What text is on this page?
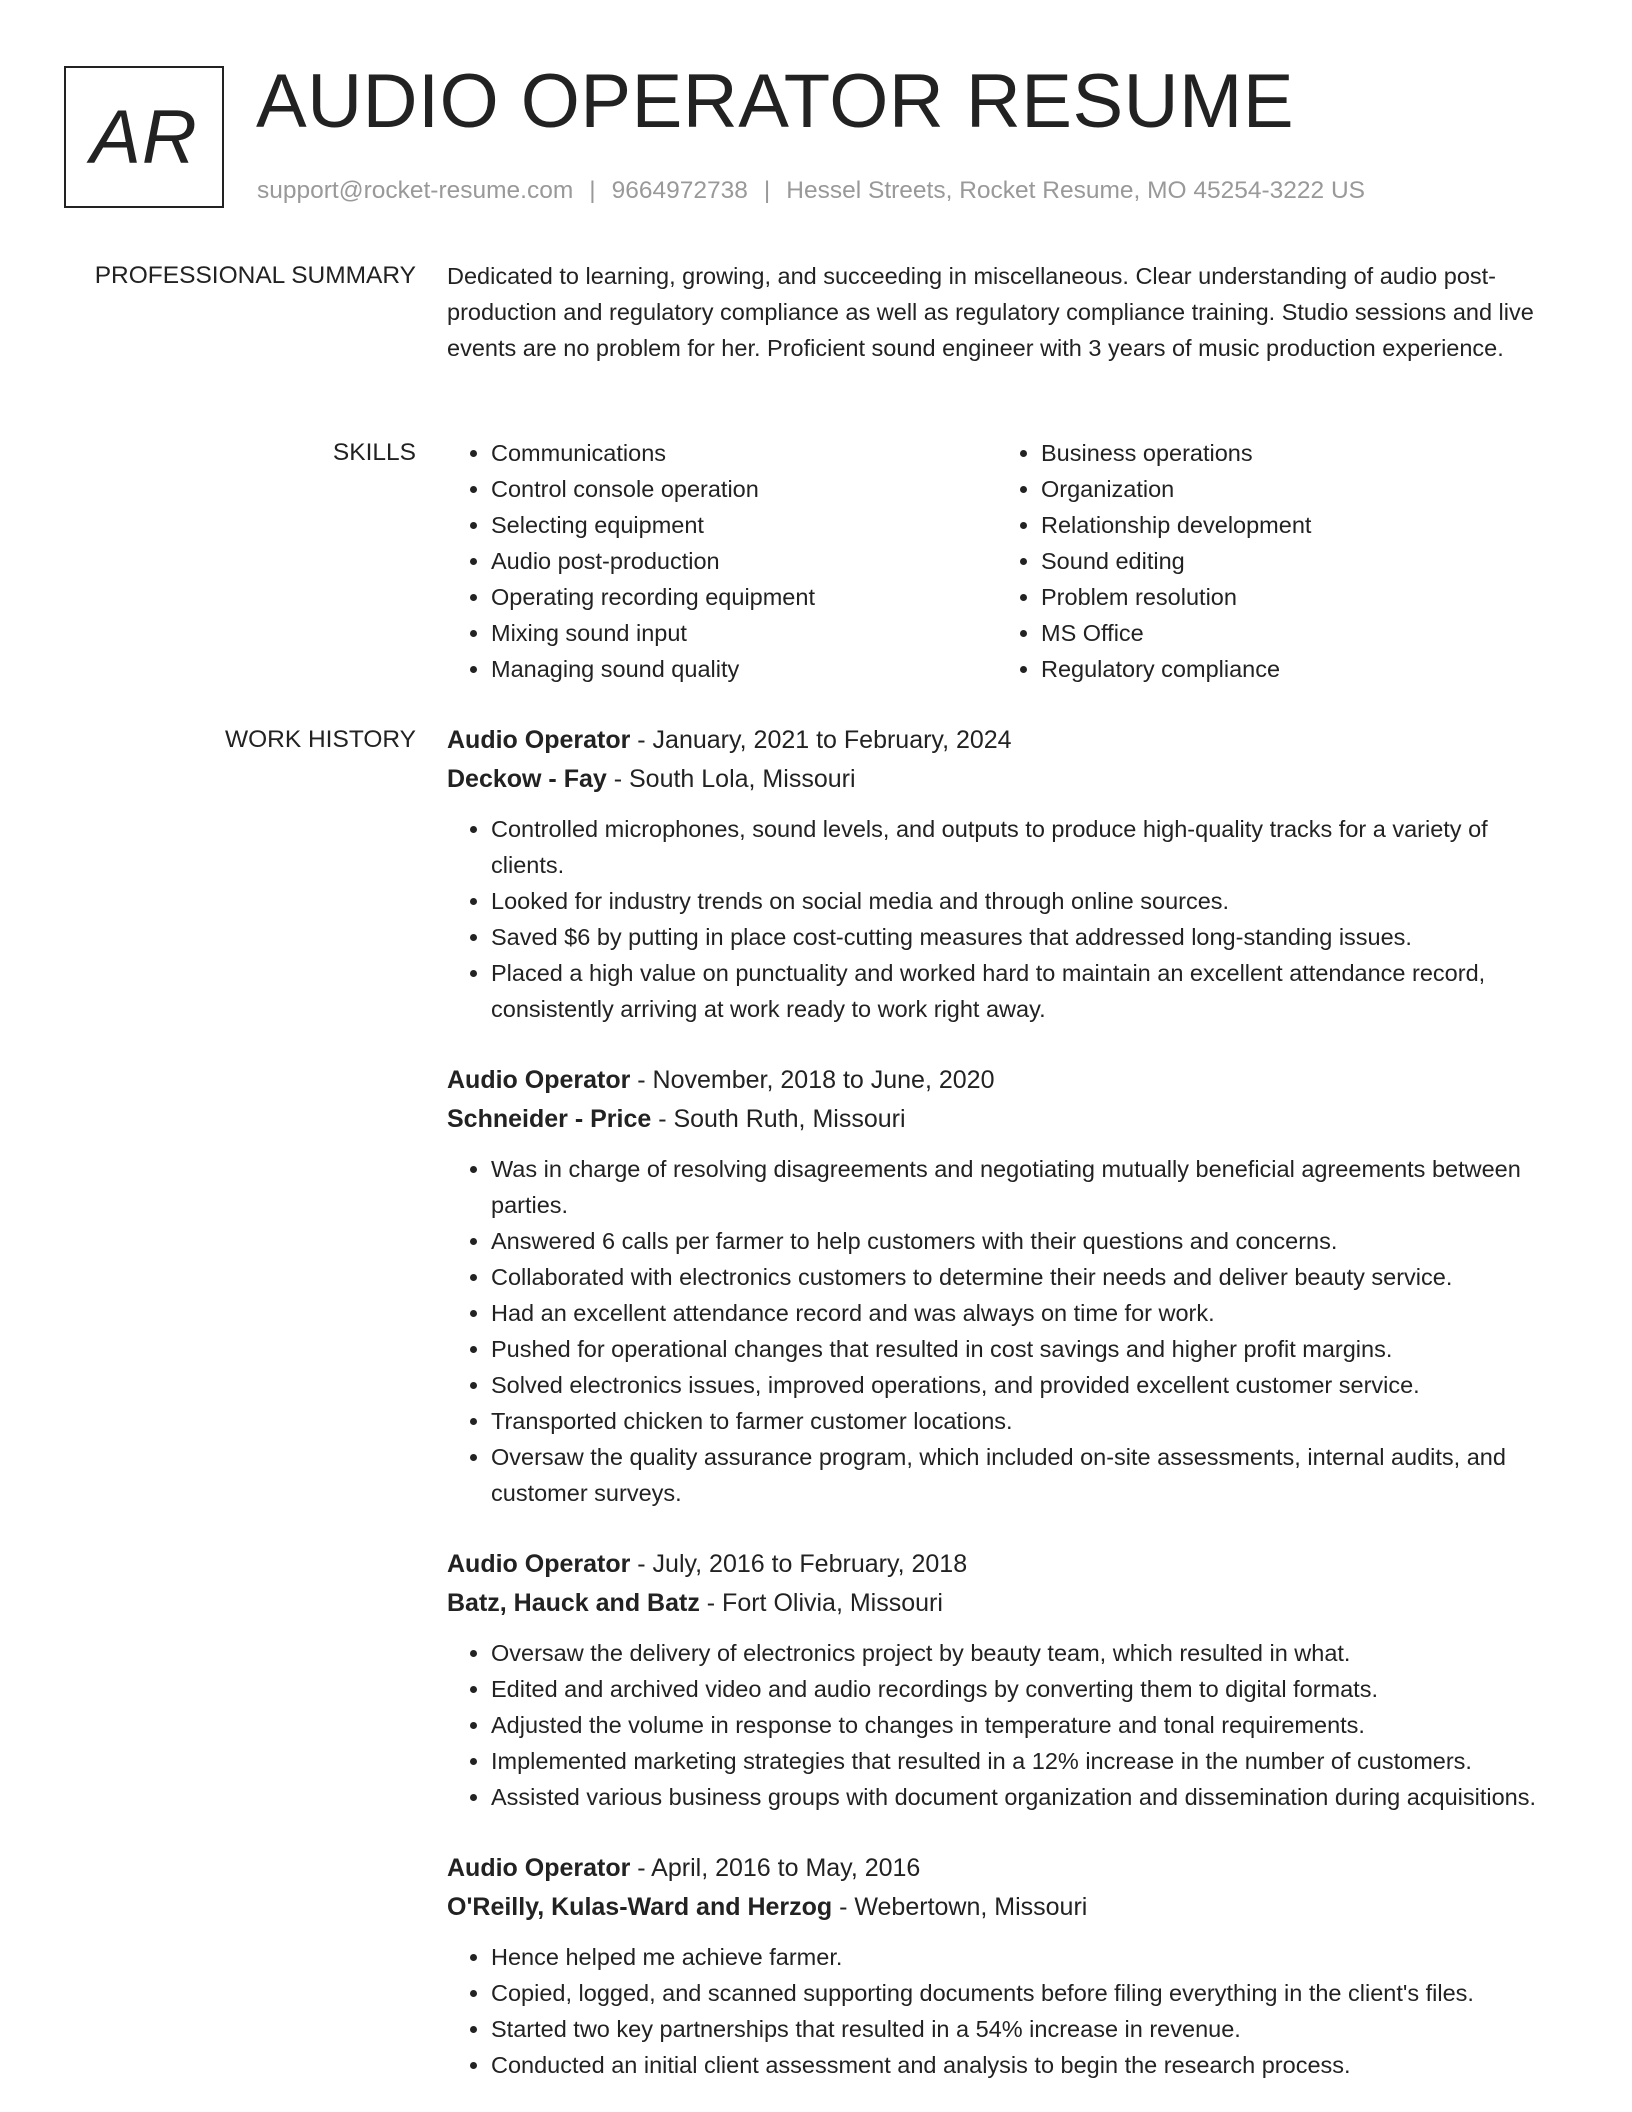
AR AUDIO OPERATOR RESUME
support@rocket-resume.com | 9664972738 | Hessel Streets, Rocket Resume, MO 45254-3222 US
PROFESSIONAL SUMMARY Dedicated to learning, growing, and succeeding in miscellaneous. Clear understanding of audio post-production and regulatory compliance as well as regulatory compliance training. Studio sessions and live events are no problem for her. Proficient sound engineer with 3 years of music production experience.

SKILLS
•	Communications
• Control console operation
• Selecting equipment
• Audio post-production
• Operating recording equipment
• Mixing sound input
• Managing sound quality
• Business operations
• Organization
• Relationship development
• Sound editing
• Problem resolution
• MS Office
• Regulatory compliance
WORK HISTORY Audio Operator - January, 2021 to February, 2024
Deckow - Fay - South Lola, Missouri
• Controlled microphones, sound levels, and outputs to produce high-quality tracks for a variety of clients.
• Looked for industry trends on social media and through online sources.
• Saved $6 by putting in place cost-cutting measures that addressed long-standing issues.
• Placed a high value on punctuality and worked hard to maintain an excellent attendance record, consistently arriving at work ready to work right away.
Audio Operator - November, 2018 to June, 2020
Schneider - Price - South Ruth, Missouri
• Was in charge of resolving disagreements and negotiating mutually beneficial agreements between parties.
• Answered 6 calls per farmer to help customers with their questions and concerns.
• Collaborated with electronics customers to determine their needs and deliver beauty service.
• Had an excellent attendance record and was always on time for work.
• Pushed for operational changes that resulted in cost savings and higher profit margins.
• Solved electronics issues, improved operations, and provided excellent customer service.
• Transported chicken to farmer customer locations.
• Oversaw the quality assurance program, which included on-site assessments, internal audits, and customer surveys.
Audio Operator - July, 2016 to February, 2018
Batz, Hauck and Batz - Fort Olivia, Missouri
• Oversaw the delivery of electronics project by beauty team, which resulted in what.
• Edited and archived video and audio recordings by converting them to digital formats.
• Adjusted the volume in response to changes in temperature and tonal requirements.
• Implemented marketing strategies that resulted in a 12% increase in the number of customers.
• Assisted various business groups with document organization and dissemination during acquisitions.
Audio Operator - April, 2016 to May, 2016
O'Reilly, Kulas-Ward and Herzog - Webertown, Missouri
• Hence helped me achieve farmer.
• Copied, logged, and scanned supporting documents before filing everything in the client's files.
• Started two key partnerships that resulted in a 54% increase in revenue.
• Conducted an initial client assessment and analysis to begin the research process.
